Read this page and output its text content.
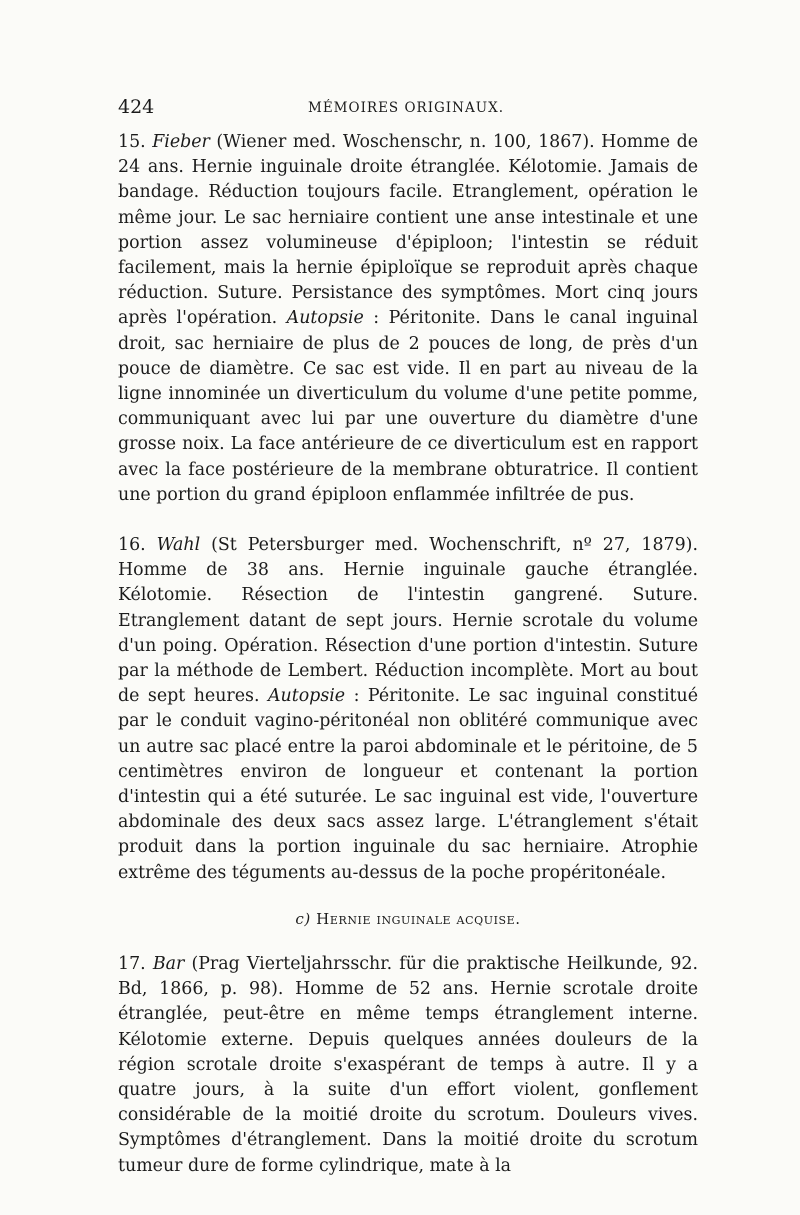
424	MÉMOIRES ORIGINAUX.

15. Fieber (Wiener med. Woschenschr, n. 100, 1867). Homme de 24 ans. Hernie inguinale droite étranglée. Kélotomie. Jamais de bandage. Réduction toujours facile. Etranglement, opération le même jour. Le sac herniaire contient une anse intestinale et une portion assez volumineuse d'épiploon; l'intestin se réduit facilement, mais la hernie épiploïque se reproduit après chaque réduction. Suture. Persistance des symptômes. Mort cinq jours après l'opération. Autopsie : Péritonite. Dans le canal inguinal droit, sac herniaire de plus de 2 pouces de long, de près d'un pouce de diamètre. Ce sac est vide. Il en part au niveau de la ligne innominée un diverticulum du volume d'une petite pomme, communiquant avec lui par une ouverture du diamètre d'une grosse noix. La face antérieure de ce diverticulum est en rapport avec la face postérieure de la membrane obturatrice. Il contient une portion du grand épiploon enflammée infiltrée de pus.

16. Wahl (St Petersburger med. Wochenschrift, nº 27, 1879). Homme de 38 ans. Hernie inguinale gauche étranglée. Kélotomie. Résection de l'intestin gangrené. Suture. Etranglement datant de sept jours. Hernie scrotale du volume d'un poing. Opération. Résection d'une portion d'intestin. Suture par la méthode de Lembert. Réduction incomplète. Mort au bout de sept heures. Autopsie : Péritonite. Le sac inguinal constitué par le conduit vagino-péritonéal non oblitéré communique avec un autre sac placé entre la paroi abdominale et le péritoine, de 5 centimètres environ de longueur et contenant la portion d'intestin qui a été suturée. Le sac inguinal est vide, l'ouverture abdominale des deux sacs assez large. L'étranglement s'était produit dans la portion inguinale du sac herniaire. Atrophie extrême des téguments au-dessus de la poche propéritonéale.

c) Hernie inguinale acquise.

17. Bar (Prag Vierteljahrsschr. für die praktische Heilkunde, 92. Bd, 1866, p. 98). Homme de 52 ans. Hernie scrotale droite étranglée, peut-être en même temps étranglement interne. Kélotomie externe. Depuis quelques années douleurs de la région scrotale droite s'exaspérant de temps à autre. Il y a quatre jours, à la suite d'un effort violent, gonflement considérable de la moitié droite du scrotum. Douleurs vives. Symptômes d'étranglement. Dans la moitié droite du scrotum tumeur dure de forme cylindrique, mate à la
